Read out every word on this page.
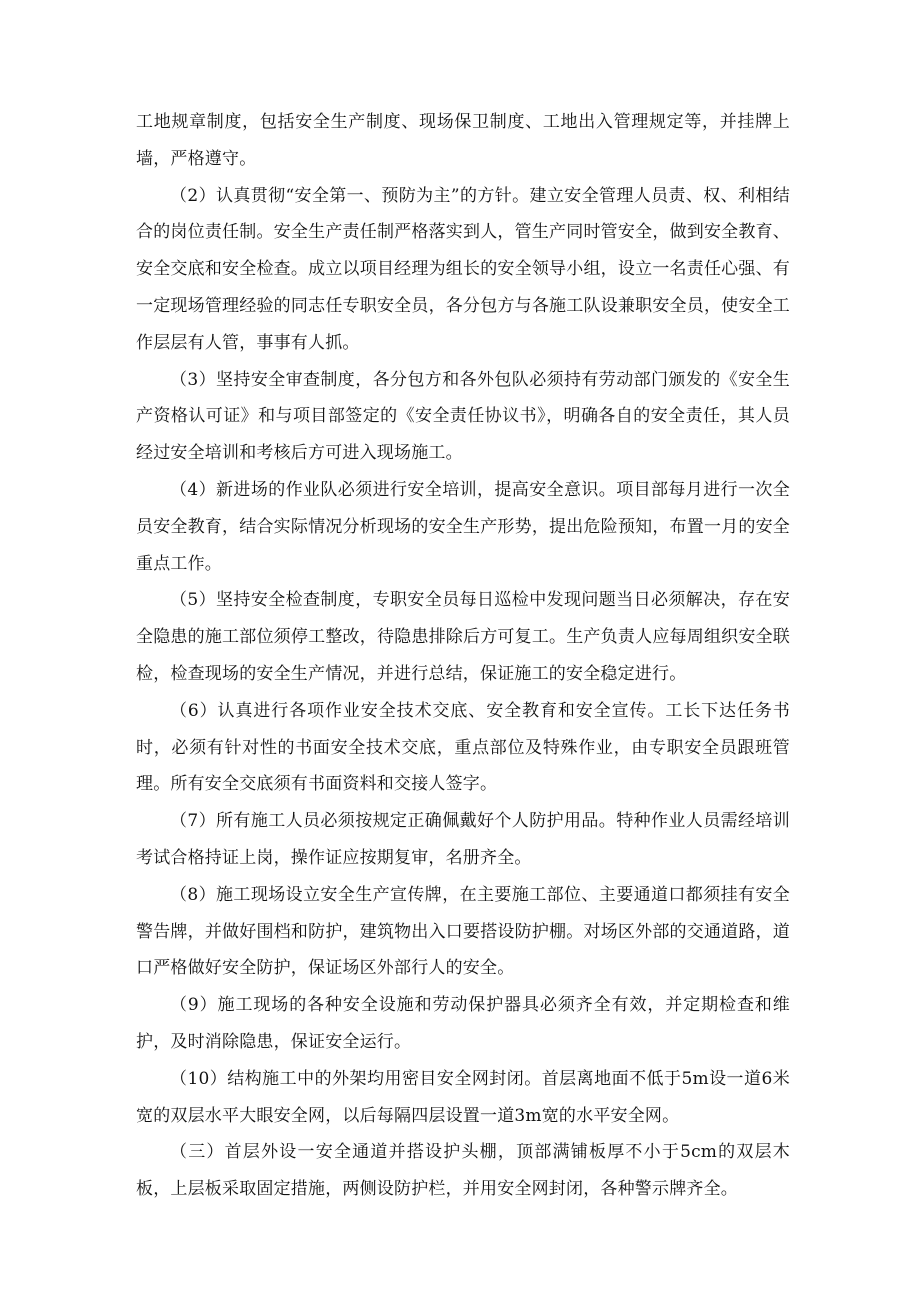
工地规章制度，包括安全生产制度、现场保卫制度、工地出入管理规定等，并挂牌上墙，严格遵守。

（2）认真贯彻“安全第一、预防为主”的方针。建立安全管理人员责、权、利相结合的岗位责任制。安全生产责任制严格落实到人，管生产同时管安全，做到安全教育、安全交底和安全检查。成立以项目经理为组长的安全领导小组，设立一名责任心强、有一定现场管理经验的同志任专职安全员，各分包方与各施工队设兼职安全员，使安全工作层层有人管，事事有人抓。

（3）坚持安全审查制度，各分包方和各外包队必须持有劳动部门颁发的《安全生产资格认可证》和与项目部签定的《安全责任协议书》，明确各自的安全责任，其人员经过安全培训和考核后方可进入现场施工。

（4）新进场的作业队必须进行安全培训，提高安全意识。项目部每月进行一次全员安全教育，结合实际情况分析现场的安全生产形势，提出危险预知，布置一月的安全重点工作。

（5）坚持安全检查制度，专职安全员每日巡检中发现问题当日必须解决，存在安全隐患的施工部位须停工整改，待隐患排除后方可复工。生产负责人应每周组织安全联检，检查现场的安全生产情况，并进行总结，保证施工的安全稳定进行。

（6）认真进行各项作业安全技术交底、安全教育和安全宣传。工长下达任务书时，必须有针对性的书面安全技术交底，重点部位及特殊作业，由专职安全员跟班管理。所有安全交底须有书面资料和交接人签字。

（7）所有施工人员必须按规定正确佩戴好个人防护用品。特种作业人员需经培训考试合格持证上岗，操作证应按期复审，名册齐全。

（8）施工现场设立安全生产宣传牌，在主要施工部位、主要通道口都须挂有安全警告牌，并做好围档和防护，建筑物出入口要搭设防护棚。对场区外部的交通道路，道口严格做好安全防护，保证场区外部行人的安全。

（9）施工现场的各种安全设施和劳动保护器具必须齐全有效，并定期检查和维护，及时消除隐患，保证安全运行。

（10）结构施工中的外架均用密目安全网封闭。首层离地面不低于5m设一道6米宽的双层水平大眼安全网，以后每隔四层设置一道3m宽的水平安全网。

（三）首层外设一安全通道并搭设护头棚，顶部满铺板厚不小于5cm的双层木板，上层板采取固定措施，两侧设防护栏，并用安全网封闭，各种警示牌齐全。
